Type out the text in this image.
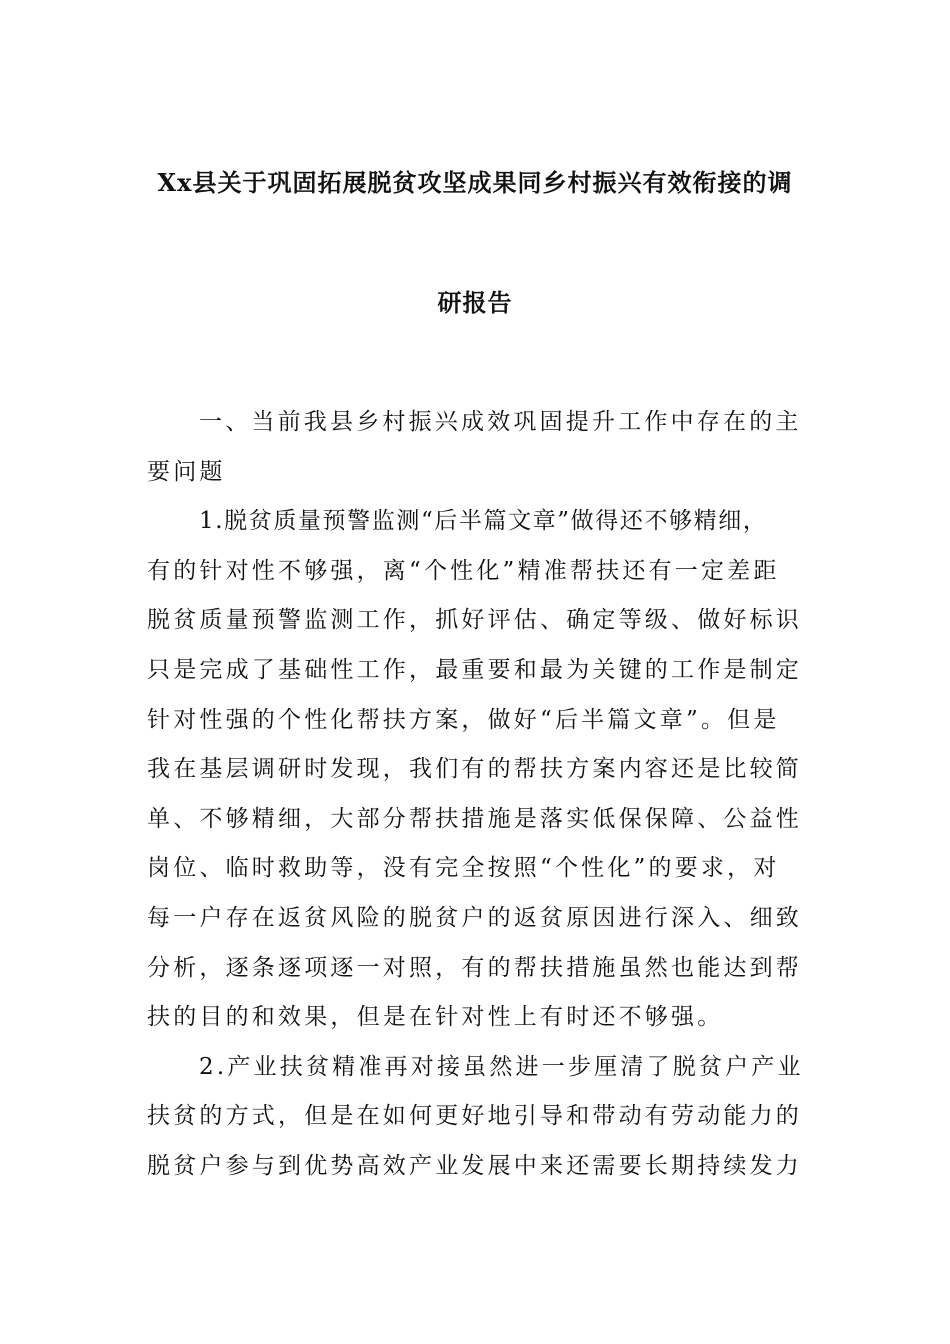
Xx县关于巩固拓展脱贫攻坚成果同乡村振兴有效衔接的调
研报告
一、当前我县乡村振兴成效巩固提升工作中存在的主
要问题
1.脱贫质量预警监测“后半篇文章”做得还不够精细，
有的针对性不够强，离“个性化”精准帮扶还有一定差距
脱贫质量预警监测工作，抓好评估、确定等级、做好标识
只是完成了基础性工作，最重要和最为关键的工作是制定
针对性强的个性化帮扶方案，做好“后半篇文章”。但是
我在基层调研时发现，我们有的帮扶方案内容还是比较简
单、不够精细，大部分帮扶措施是落实低保保障、公益性
岗位、临时救助等，没有完全按照“个性化”的要求，对
每一户存在返贫风险的脱贫户的返贫原因进行深入、细致
分析，逐条逐项逐一对照，有的帮扶措施虽然也能达到帮
扶的目的和效果，但是在针对性上有时还不够强。
2.产业扶贫精准再对接虽然进一步厘清了脱贫户产业
扶贫的方式，但是在如何更好地引导和带动有劳动能力的
脱贫户参与到优势高效产业发展中来还需要长期持续发力
